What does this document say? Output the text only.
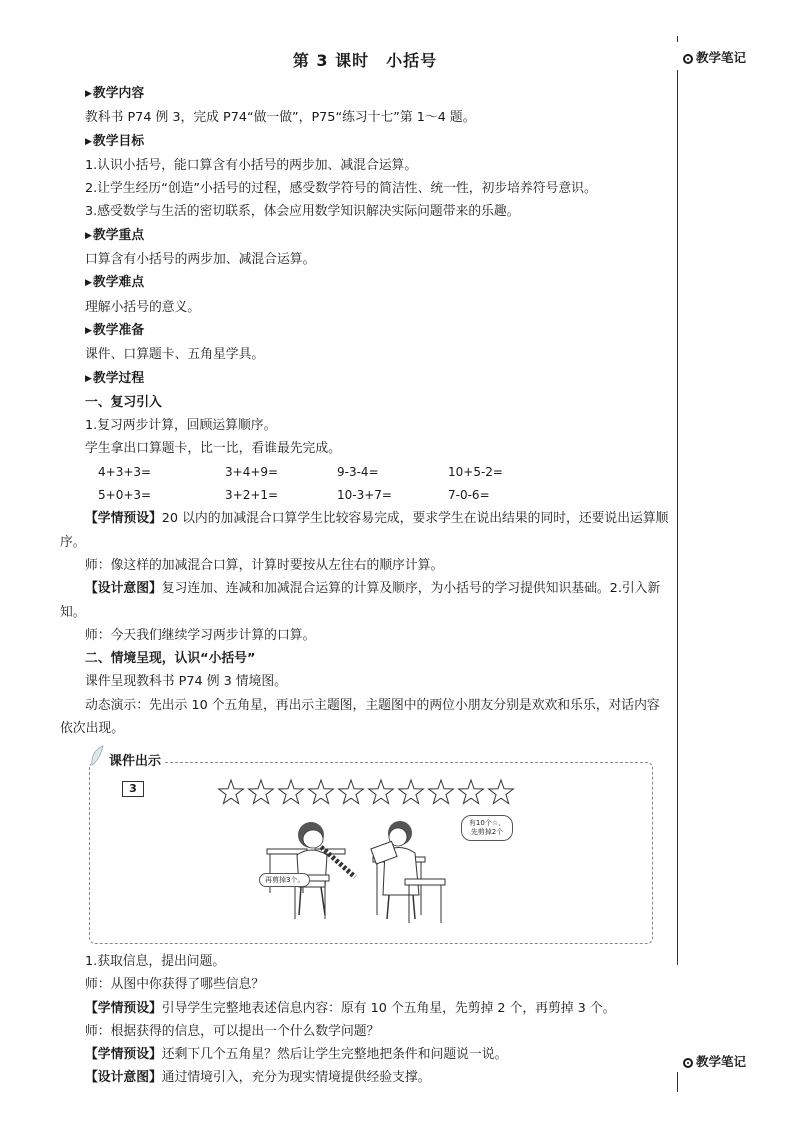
第 3 课时　小括号	教学笔记
教学笔记

▶教学内容

教科书 P74 例 3，完成 P74“做一做”，P75“练习十七”第 1～4 题。

▶教学目标

1.认识小括号，能口算含有小括号的两步加、减混合运算。

2.让学生经历“创造”小括号的过程，感受数学符号的简洁性、统一性，初步培养符号意识。

3.感受数学与生活的密切联系，体会应用数学知识解决实际问题带来的乐趣。

▶教学重点

口算含有小括号的两步加、减混合运算。

▶教学难点

理解小括号的意义。

▶教学准备

课件、口算题卡、五角星学具。

▶教学过程

一、复习引入

1.复习两步计算，回顾运算顺序。

学生拿出口算题卡，比一比，看谁最先完成。

4+3+3=	3+4+9=	9-3-4=	10+5-2=
5+0+3=	3+2+1=	10-3+7=	7-0-6=

【学情预设】20 以内的加减混合口算学生比较容易完成，要求学生在说出结果的同时，还要说出运算顺序。

师：像这样的加减混合口算，计算时要按从左往右的顺序计算。

【设计意图】复习连加、连减和加减混合运算的计算及顺序，为小括号的学习提供知识基础。2.引入新知。

师：今天我们继续学习两步计算的口算。

二、情境呈现，认识“小括号”

课件呈现教科书 P74 例 3 情境图。

动态演示：先出示 10 个五角星，再出示主题图，主题图中的两位小朋友分别是欢欢和乐乐，对话内容依次出现。

课件出示
3
再剪掉3个。
有10个☆，先剪掉2个

1.获取信息，提出问题。

师：从图中你获得了哪些信息？

【学情预设】引导学生完整地表述信息内容：原有 10 个五角星，先剪掉 2 个，再剪掉 3 个。

师：根据获得的信息，可以提出一个什么数学问题？

【学情预设】还剩下几个五角星？然后让学生完整地把条件和问题说一说。

【设计意图】通过情境引入，充分为现实情境提供经验支撑。
